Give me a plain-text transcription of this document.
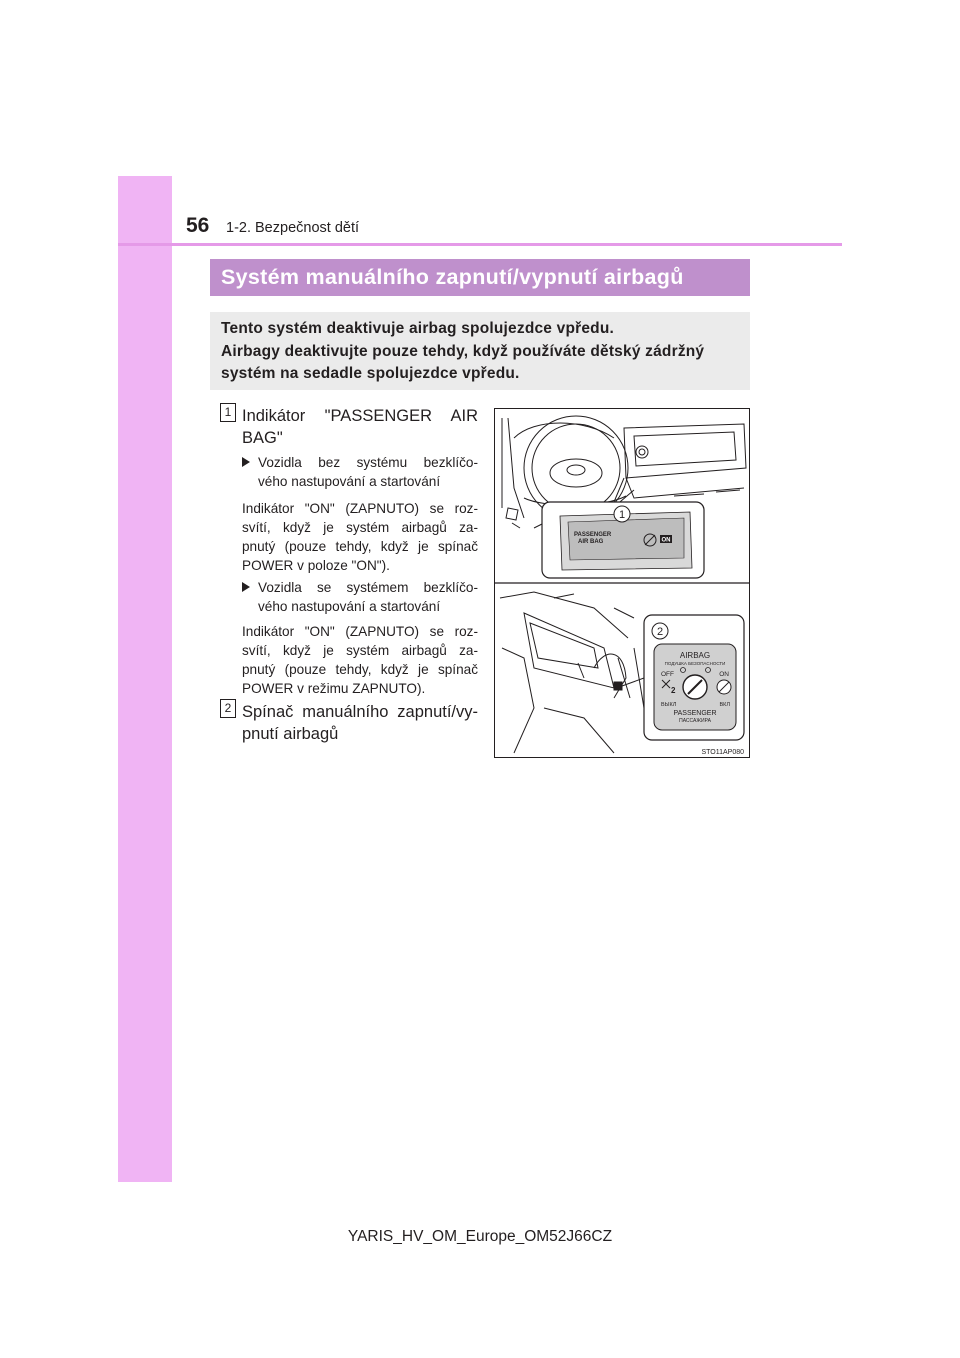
56 1-2. Bezpečnost dětí
Systém manuálního zapnutí/vypnutí airbagů
Tento systém deaktivuje airbag spolujezdce vpředu.
Airbagy deaktivujte pouze tehdy, když používáte dětský zádržný
systém na sedadle spolujezdce vpředu.
1 Indikátor "PASSENGER AIR BAG"
Vozidla bez systému bezklíčo-
vého nastupování a startování
Indikátor "ON" (ZAPNUTO) se roz-
svítí, když je systém airbagů za-
pnutý (pouze tehdy, když je spínač
POWER v poloze "ON").
Vozidla se systémem bezklíčo-
vého nastupování a startování
Indikátor "ON" (ZAPNUTO) se roz-
svítí, když je systém airbagů za-
pnutý (pouze tehdy, když je spínač
POWER v režimu ZAPNUTO).
2 Spínač manuálního zapnutí/vy-
pnutí airbagů
1
PASSENGER
AIR BAG	ON
2
AIRBAG
ПОДУШКА БЕЗОПАСНОСТИ
OFF	ON
2
ВЫКЛ	ВКЛ
PASSENGER
ПАССАЖИРА
STO11AP080
YARIS_HV_OM_Europe_OM52J66CZ
